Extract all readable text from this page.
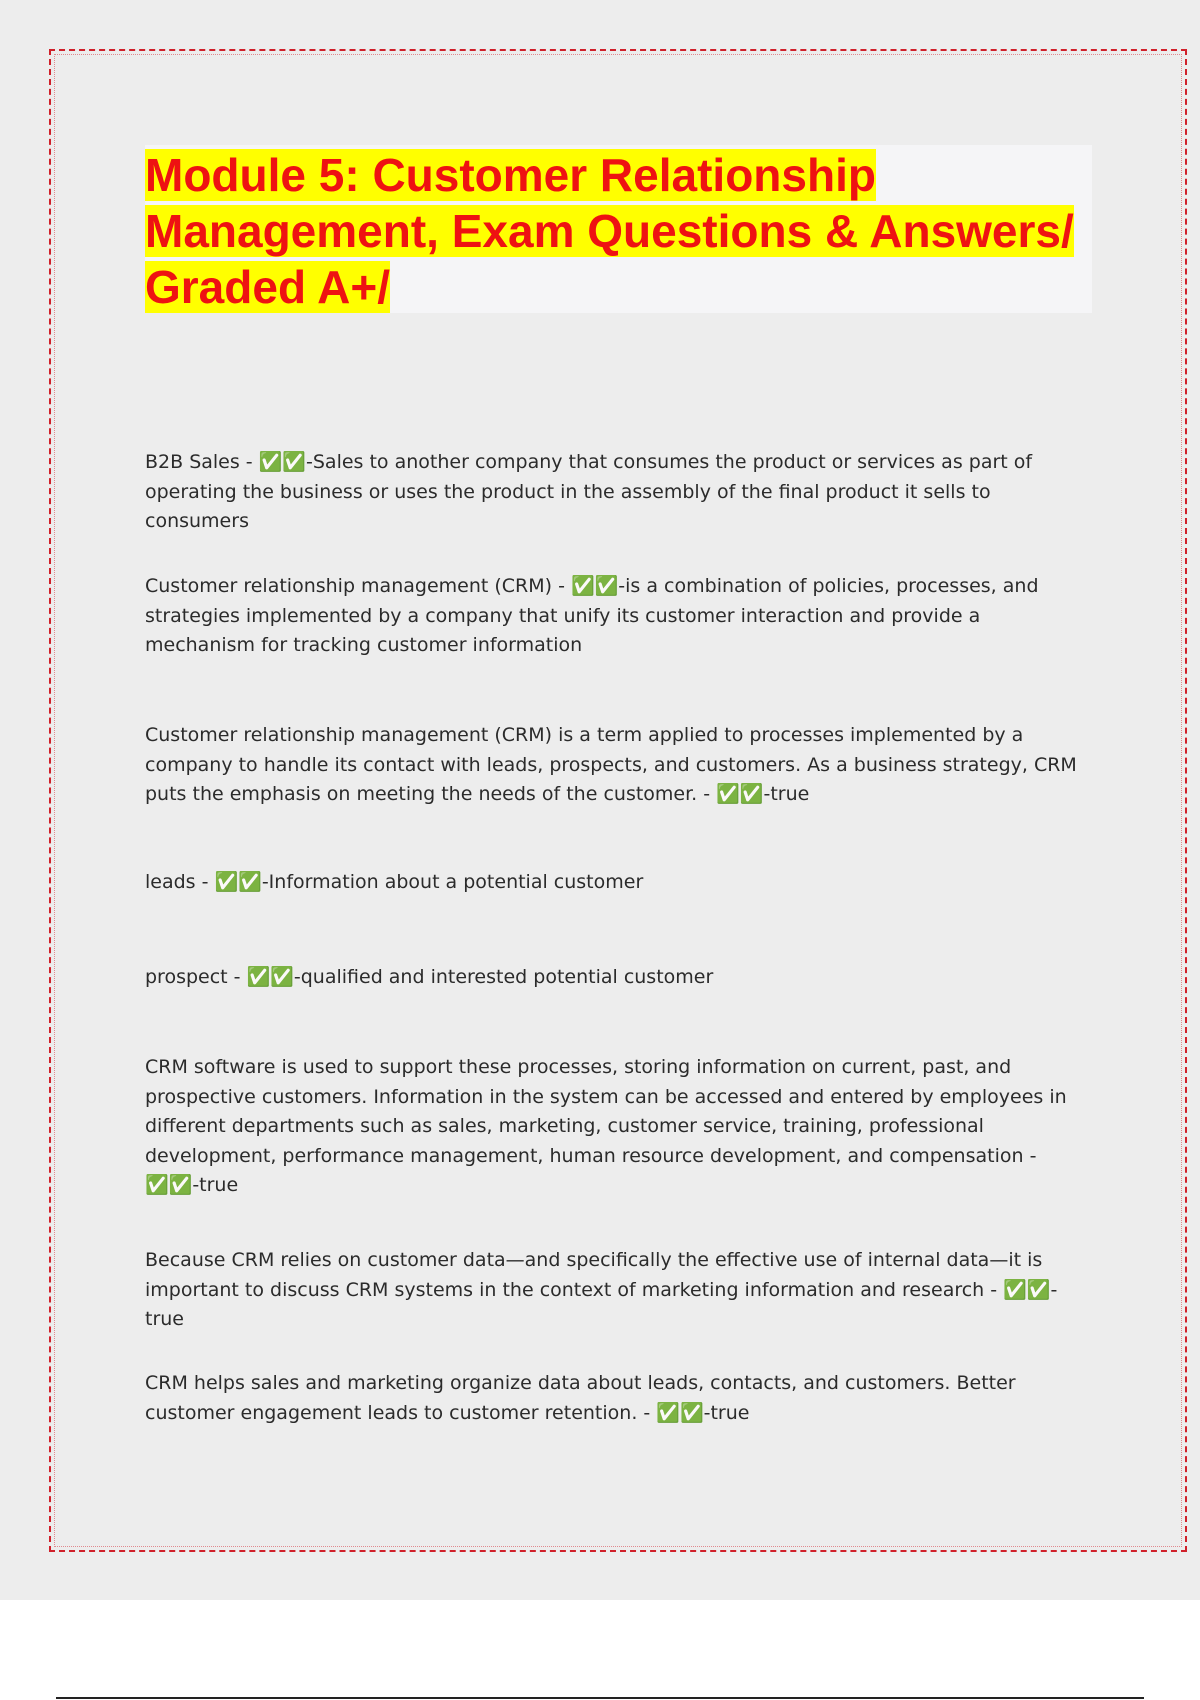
Module 5: Customer Relationship Management, Exam Questions & Answers/ Graded A+/

B2B Sales - ✅✅-Sales to another company that consumes the product or services as part of operating the business or uses the product in the assembly of the final product it sells to consumers

Customer relationship management (CRM) - ✅✅-is a combination of policies, processes, and strategies implemented by a company that unify its customer interaction and provide a mechanism for tracking customer information

Customer relationship management (CRM) is a term applied to processes implemented by a company to handle its contact with leads, prospects, and customers. As a business strategy, CRM puts the emphasis on meeting the needs of the customer. - ✅✅-true

leads - ✅✅-Information about a potential customer

prospect - ✅✅-qualified and interested potential customer

CRM software is used to support these processes, storing information on current, past, and prospective customers. Information in the system can be accessed and entered by employees in different departments such as sales, marketing, customer service, training, professional development, performance management, human resource development, and compensation - ✅✅-true

Because CRM relies on customer data—and specifically the effective use of internal data—it is important to discuss CRM systems in the context of marketing information and research - ✅✅-true

CRM helps sales and marketing organize data about leads, contacts, and customers. Better customer engagement leads to customer retention. - ✅✅-true
